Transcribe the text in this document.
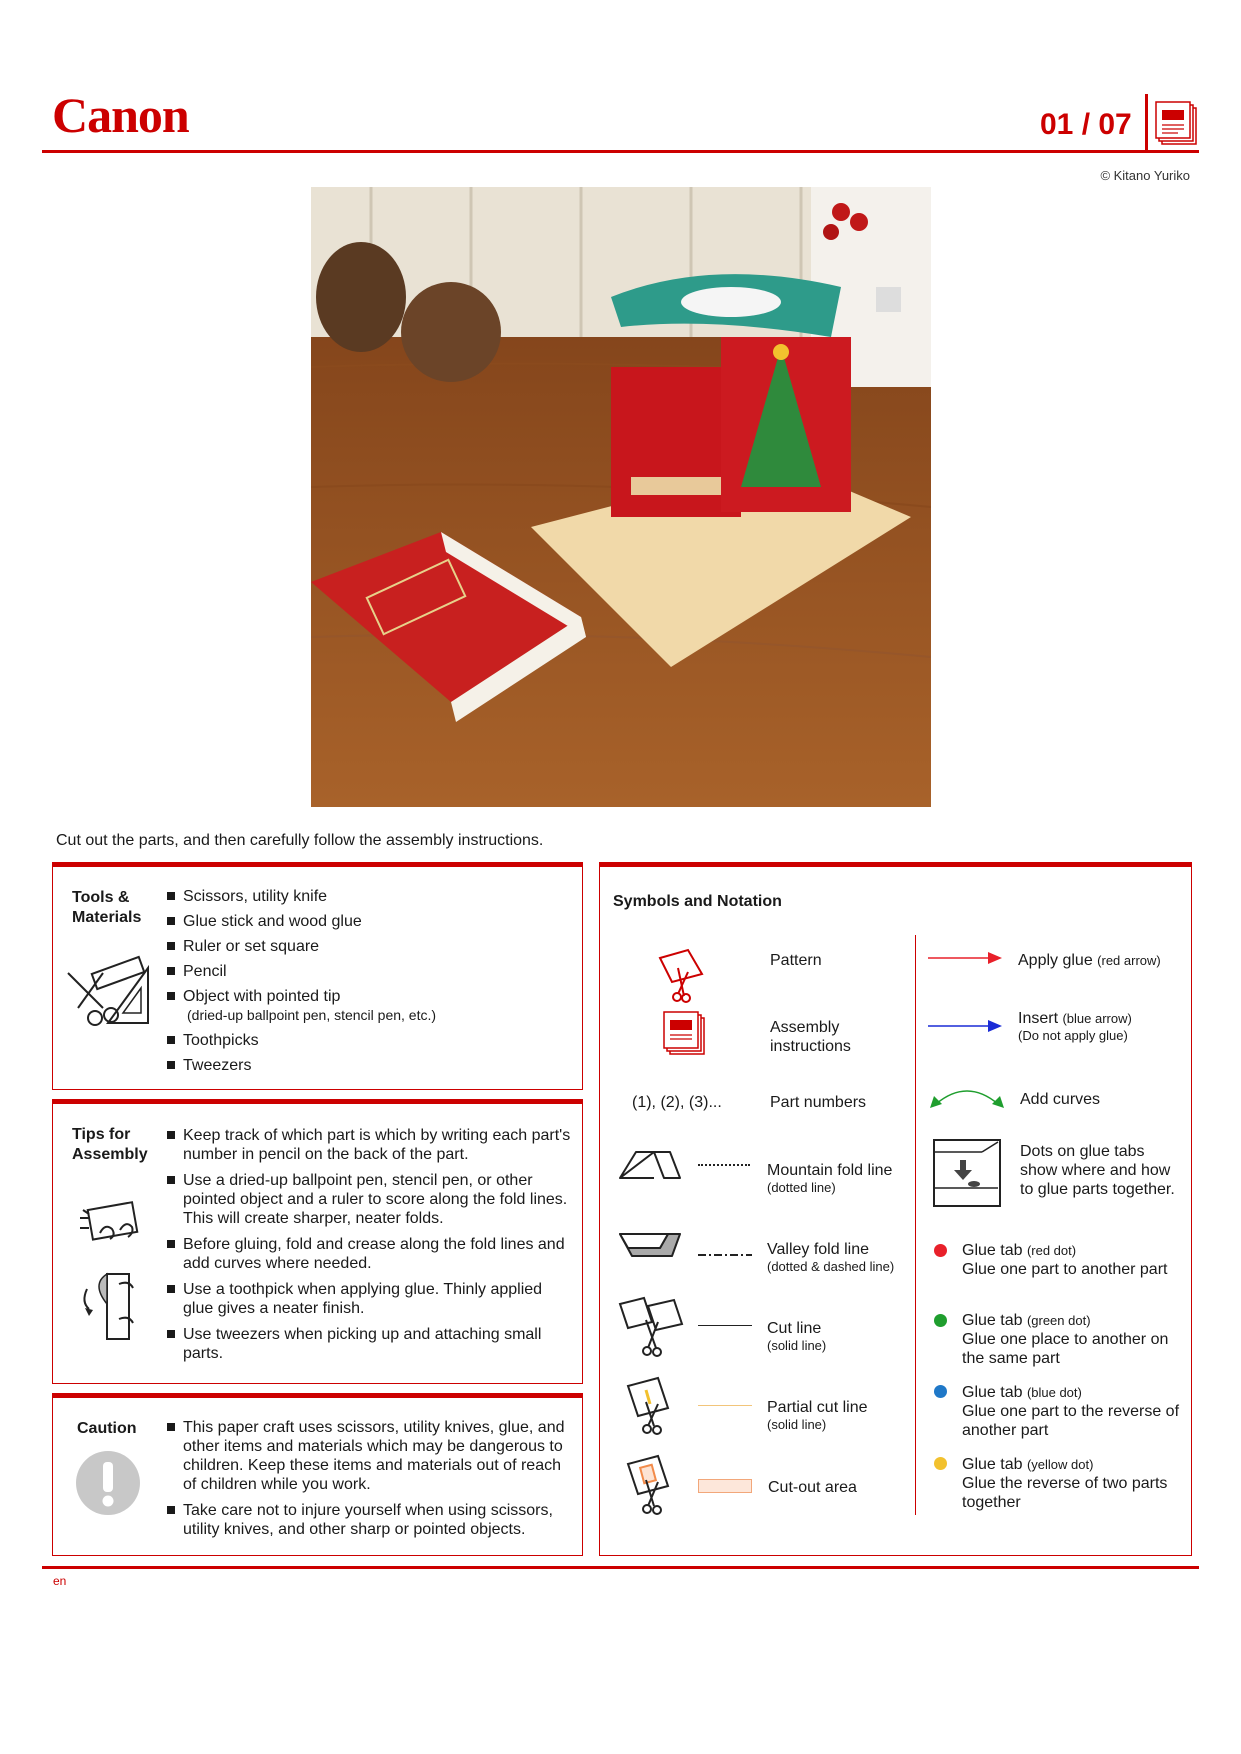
Canon	01 / 07
© Kitano Yuriko
Cut out the parts, and then carefully follow the assembly instructions.
Tools &
Materials
Scissors, utility knife
Glue stick and wood glue
Ruler or set square
Pencil
Object with pointed tip
(dried-up ballpoint pen, stencil pen, etc.)
Toothpicks
Tweezers
Tips for
Assembly
Keep track of which part is which by writing each part's number in pencil on the back of the part.
Use a dried-up ballpoint pen, stencil pen, or other pointed object and a ruler to score along the fold lines. This will create sharper, neater folds.
Before gluing, fold and crease along the fold lines and add curves where needed.
Use a toothpick when applying glue. Thinly applied glue gives a neater finish.
Use tweezers when picking up and attaching small parts.
Caution	This paper craft uses scissors, utility knives, glue, and other items and materials which may be dangerous to children. Keep these items and materials out of reach of children while you work.
Take care not to injure yourself when using scissors, utility knives, and other sharp or pointed objects.
Symbols and Notation
(1), (2), (3)...
Pattern
Assembly
instructions
Part numbers
Mountain fold line
(dotted line)
Valley fold line
(dotted & dashed line)
Cut line
(solid line)
Partial cut line
(solid line)
Cut-out area
Apply glue (red arrow)
Insert (blue arrow)
(Do not apply glue)
Add curves
Dots on glue tabs
show where and how
to glue parts together.
Glue tab (red dot)
Glue one part to another part
Glue tab (green dot)
Glue one place to another on the same part
Glue tab (blue dot)
Glue one part to the reverse of another part
Glue tab (yellow dot)
Glue the reverse of two parts together
en
